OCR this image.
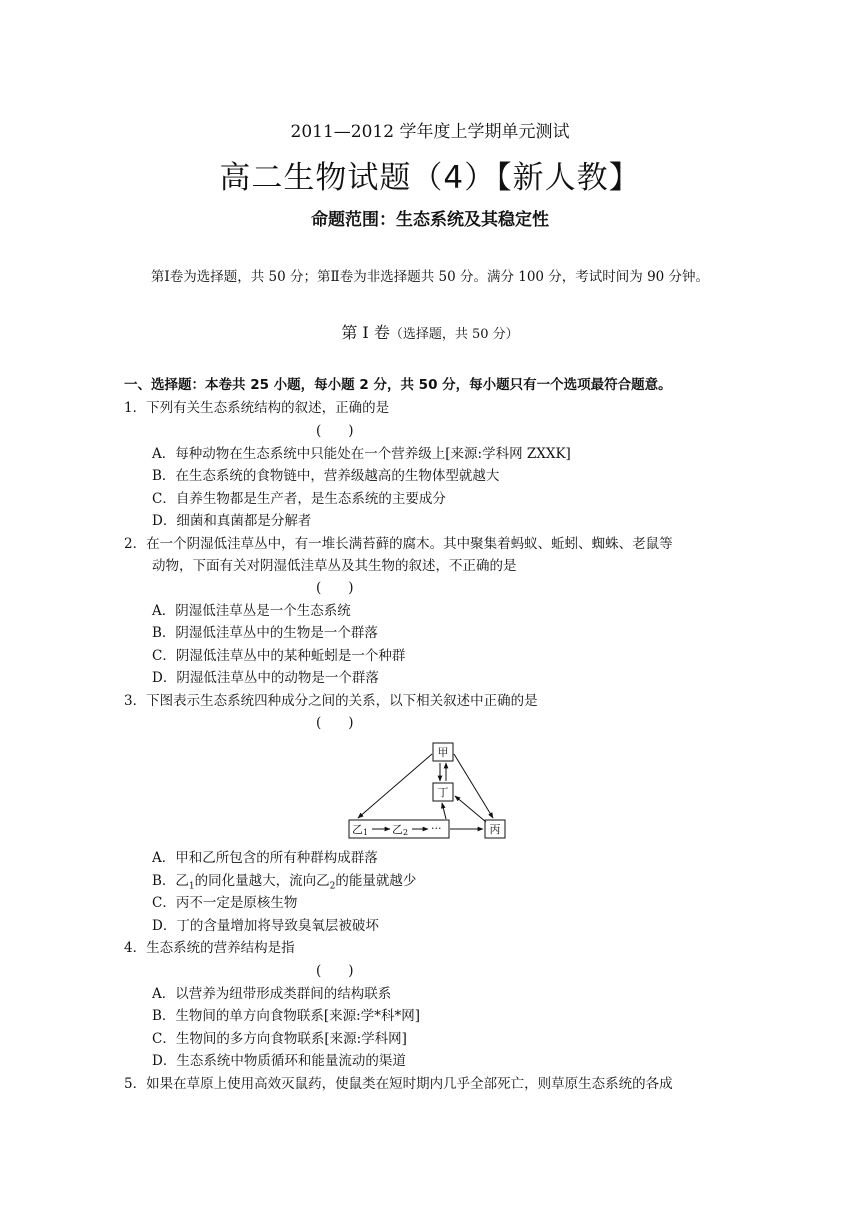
2011—2012 学年度上学期单元测试
高二生物试题（4）【新人教】
命题范围：生态系统及其稳定性
第Ⅰ卷为选择题，共 50 分；第Ⅱ卷为非选择题共 50 分。满分 100 分，考试时间为 90 分钟。
第 Ⅰ 卷（选择题，共 50 分）
一、选择题：本卷共 25 小题，每小题 2 分，共 50 分，每小题只有一个选项最符合题意。
1．下列有关生态系统结构的叙述，正确的是
(　　)
A．每种动物在生态系统中只能处在一个营养级上[来源:学科网 ZXXK]
B．在生态系统的食物链中，营养级越高的生物体型就越大
C．自养生物都是生产者，是生态系统的主要成分
D．细菌和真菌都是分解者
2．在一个阴湿低洼草丛中，有一堆长满苔藓的腐木。其中聚集着蚂蚁、蚯蚓、蜘蛛、老鼠等
动物，下面有关对阴湿低洼草丛及其生物的叙述，不正确的是
(　　)
A．阴湿低洼草丛是一个生态系统
B．阴湿低洼草丛中的生物是一个群落
C．阴湿低洼草丛中的某种蚯蚓是一个种群
D．阴湿低洼草丛中的动物是一个群落
3．下图表示生态系统四种成分之间的关系，以下相关叙述中正确的是
(　　)
甲
丁
丙
乙1 乙2 ···
A．甲和乙所包含的所有种群构成群落
B．乙$_1$的同化量越大，流向乙$_2$的能量就越少
C．丙不一定是原核生物
D．丁的含量增加将导致臭氧层被破坏
4．生态系统的营养结构是指
(　　)
A．以营养为纽带形成类群间的结构联系
B．生物间的单方向食物联系[来源:学*科*网]
C．生物间的多方向食物联系[来源:学科网]
D．生态系统中物质循环和能量流动的渠道
5．如果在草原上使用高效灭鼠药，使鼠类在短时期内几乎全部死亡，则草原生态系统的各成
